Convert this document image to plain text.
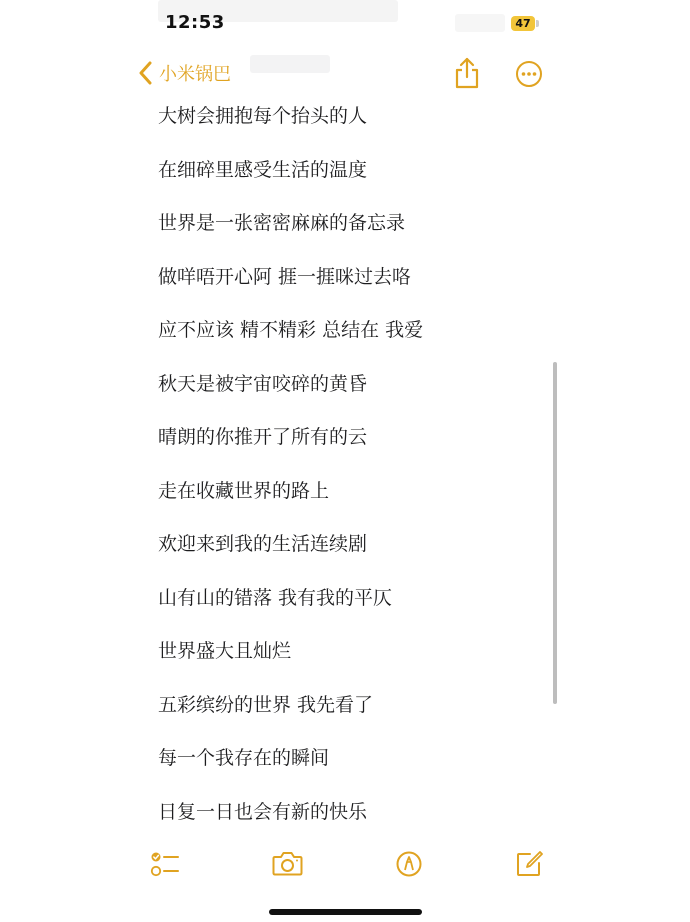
12:53	47
小米锅巴
大树会拥抱每个抬头的人
在细碎里感受生活的温度
世界是一张密密麻麻的备忘录
做咩唔开心阿 捱一捱咪过去咯
应不应该 精不精彩 总结在 我爱
秋天是被宇宙咬碎的黄昏
晴朗的你推开了所有的云
走在收藏世界的路上
欢迎来到我的生活连续剧
山有山的错落 我有我的平仄
世界盛大且灿烂
五彩缤纷的世界 我先看了
每一个我存在的瞬间
日复一日也会有新的快乐
